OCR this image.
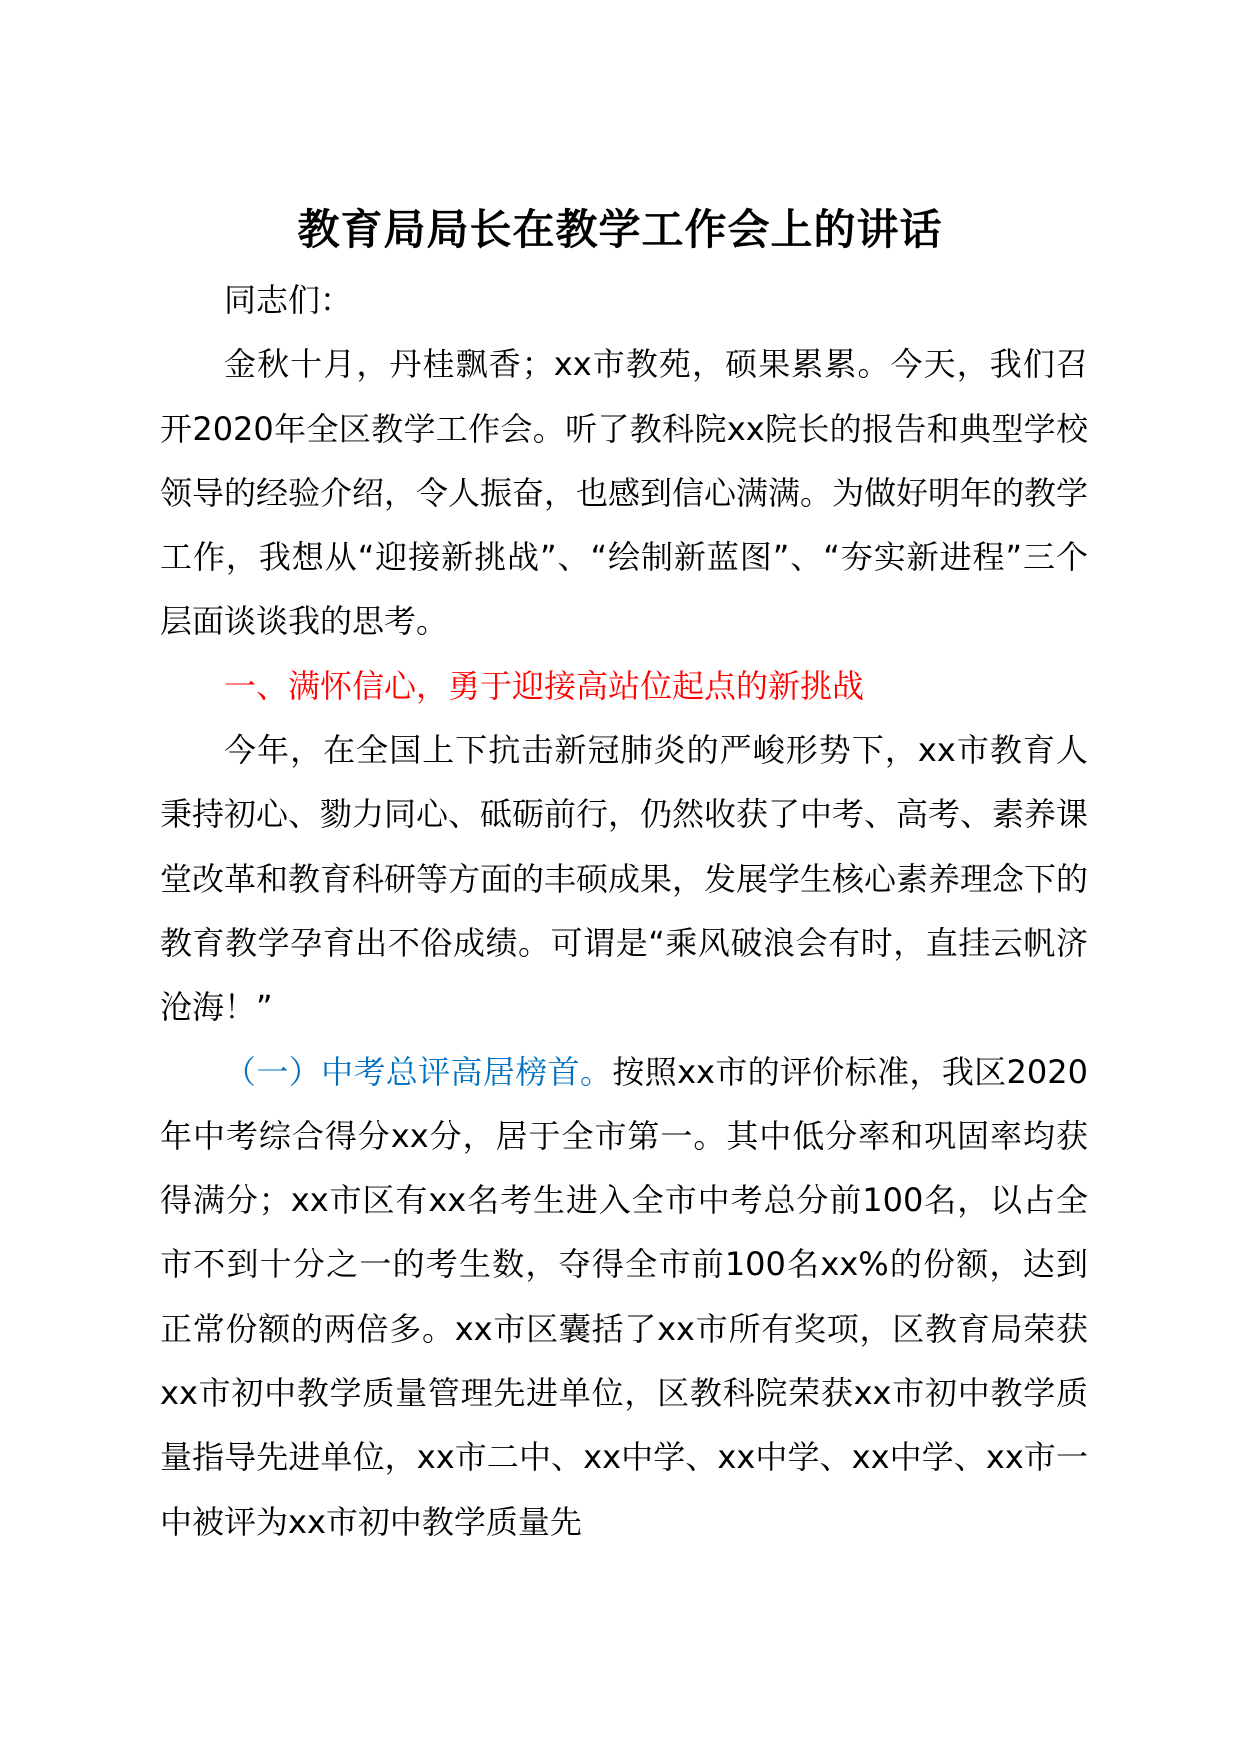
教育局局长在教学工作会上的讲话

同志们：

金秋十月，丹桂飘香；xx市教苑，硕果累累。今天，我们召开2020年全区教学工作会。听了教科院xx院长的报告和典型学校领导的经验介绍，令人振奋，也感到信心满满。为做好明年的教学工作，我想从“迎接新挑战”、“绘制新蓝图”、“夯实新进程”三个层面谈谈我的思考。

一、满怀信心，勇于迎接高站位起点的新挑战

今年，在全国上下抗击新冠肺炎的严峻形势下，xx市教育人秉持初心、勠力同心、砥砺前行，仍然收获了中考、高考、素养课堂改革和教育科研等方面的丰硕成果，发展学生核心素养理念下的教育教学孕育出不俗成绩。可谓是“乘风破浪会有时，直挂云帆济沧海！”

（一）中考总评高居榜首。按照xx市的评价标准，我区2020年中考综合得分xx分，居于全市第一。其中低分率和巩固率均获得满分；xx市区有xx名考生进入全市中考总分前100名，以占全市不到十分之一的考生数，夺得全市前100名xx%的份额，达到正常份额的两倍多。xx市区囊括了xx市所有奖项，区教育局荣获xx市初中教学质量管理先进单位，区教科院荣获xx市初中教学质量指导先进单位，xx市二中、xx中学、xx中学、xx中学、xx市一中被评为xx市初中教学质量先
